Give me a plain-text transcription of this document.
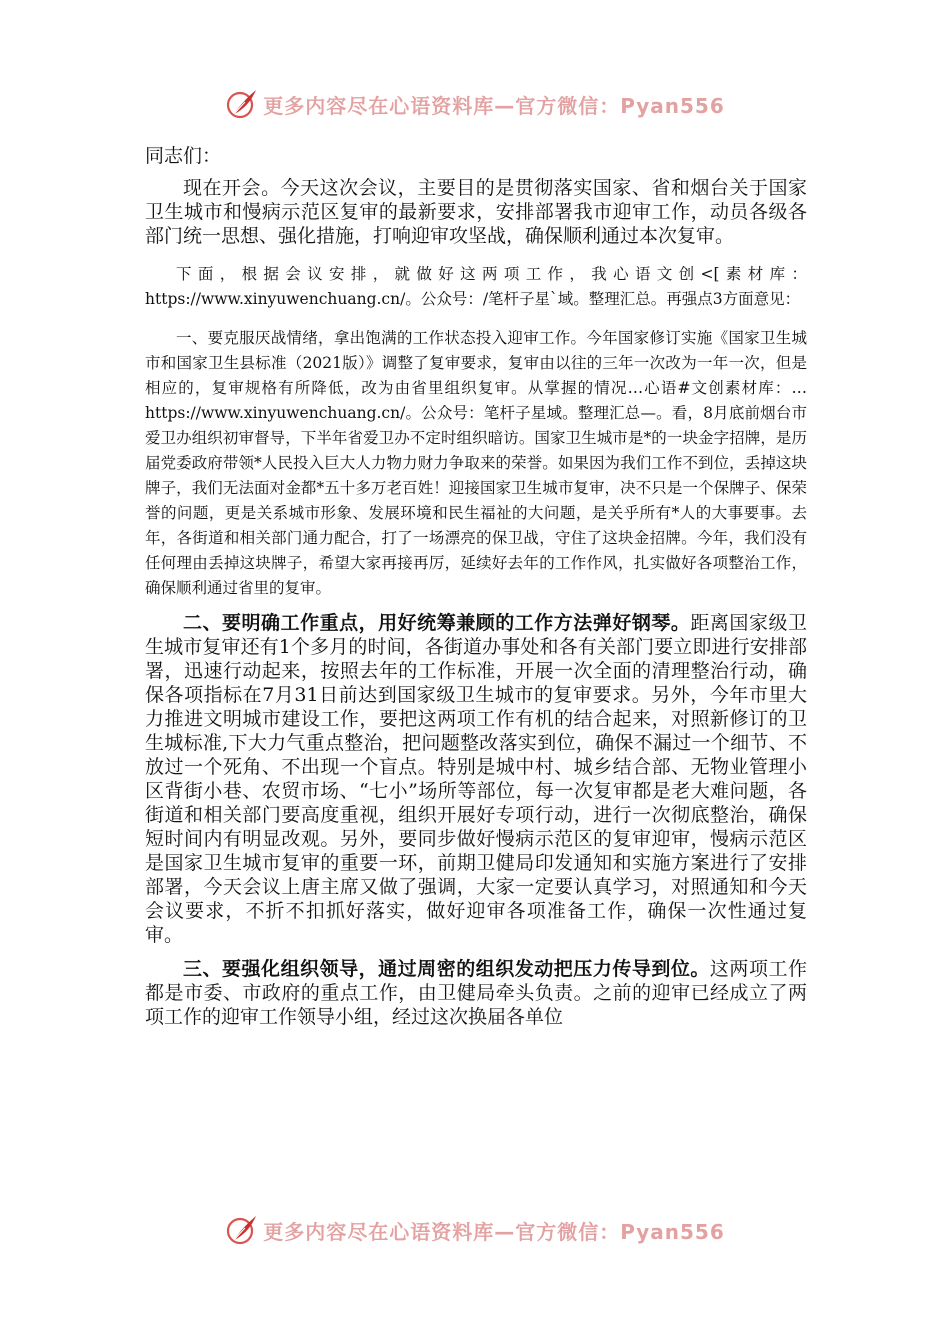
更多内容尽在心语资料库—官方微信：Pyan556

同志们：

现在开会。今天这次会议，主要目的是贯彻落实国家、省和烟台关于国家卫生城市和慢病示范区复审的最新要求，安排部署我市迎审工作，动员各级各部门统一思想、强化措施，打响迎审攻坚战，确保顺利通过本次复审。

下面，根据会议安排，就做好这两项工作，我心语文创<[素材库：https://www.xinyuwenchuang.cn/。公众号：/笔杆子星`域。整理汇总。再强点3方面意见：

一、要克服厌战情绪，拿出饱满的工作状态投入迎审工作。今年国家修订实施《国家卫生城市和国家卫生县标准（2021版）》调整了复审要求，复审由以往的三年一次改为一年一次，但是相应的，复审规格有所降低，改为由省里组织复审。从掌握的情况…心语#文创素材库：…https://www.xinyuwenchuang.cn/。公众号：笔杆子星域。整理汇总—。看，8月底前烟台市爱卫办组织初审督导，下半年省爱卫办不定时组织暗访。国家卫生城市是*的一块金字招牌，是历届党委政府带领*人民投入巨大人力物力财力争取来的荣誉。如果因为我们工作不到位，丢掉这块牌子，我们无法面对金都*五十多万老百姓！迎接国家卫生城市复审，决不只是一个保牌子、保荣誉的问题，更是关系城市形象、发展环境和民生福祉的大问题，是关乎所有*人的大事要事。去年，各街道和相关部门通力配合，打了一场漂亮的保卫战，守住了这块金招牌。今年，我们没有任何理由丢掉这块牌子，希望大家再接再厉，延续好去年的工作作风，扎实做好各项整治工作，确保顺利通过省里的复审。

二、要明确工作重点，用好统筹兼顾的工作方法弹好钢琴。距离国家级卫生城市复审还有1个多月的时间，各街道办事处和各有关部门要立即进行安排部署，迅速行动起来，按照去年的工作标准，开展一次全面的清理整治行动，确保各项指标在7月31日前达到国家级卫生城市的复审要求。另外，今年市里大力推进文明城市建设工作，要把这两项工作有机的结合起来，对照新修订的卫生城标准,下大力气重点整治，把问题整改落实到位，确保不漏过一个细节、不放过一个死角、不出现一个盲点。特别是城中村、城乡结合部、无物业管理小区背街小巷、农贸市场、“七小”场所等部位，每一次复审都是老大难问题，各街道和相关部门要高度重视，组织开展好专项行动，进行一次彻底整治，确保短时间内有明显改观。另外，要同步做好慢病示范区的复审迎审，慢病示范区是国家卫生城市复审的重要一环，前期卫健局印发通知和实施方案进行了安排部署，今天会议上唐主席又做了强调，大家一定要认真学习，对照通知和今天会议要求，不折不扣抓好落实，做好迎审各项准备工作，确保一次性通过复审。

三、要强化组织领导，通过周密的组织发动把压力传导到位。这两项工作都是市委、市政府的重点工作，由卫健局牵头负责。之前的迎审已经成立了两项工作的迎审工作领导小组，经过这次换届各单位

更多内容尽在心语资料库—官方微信：Pyan556
